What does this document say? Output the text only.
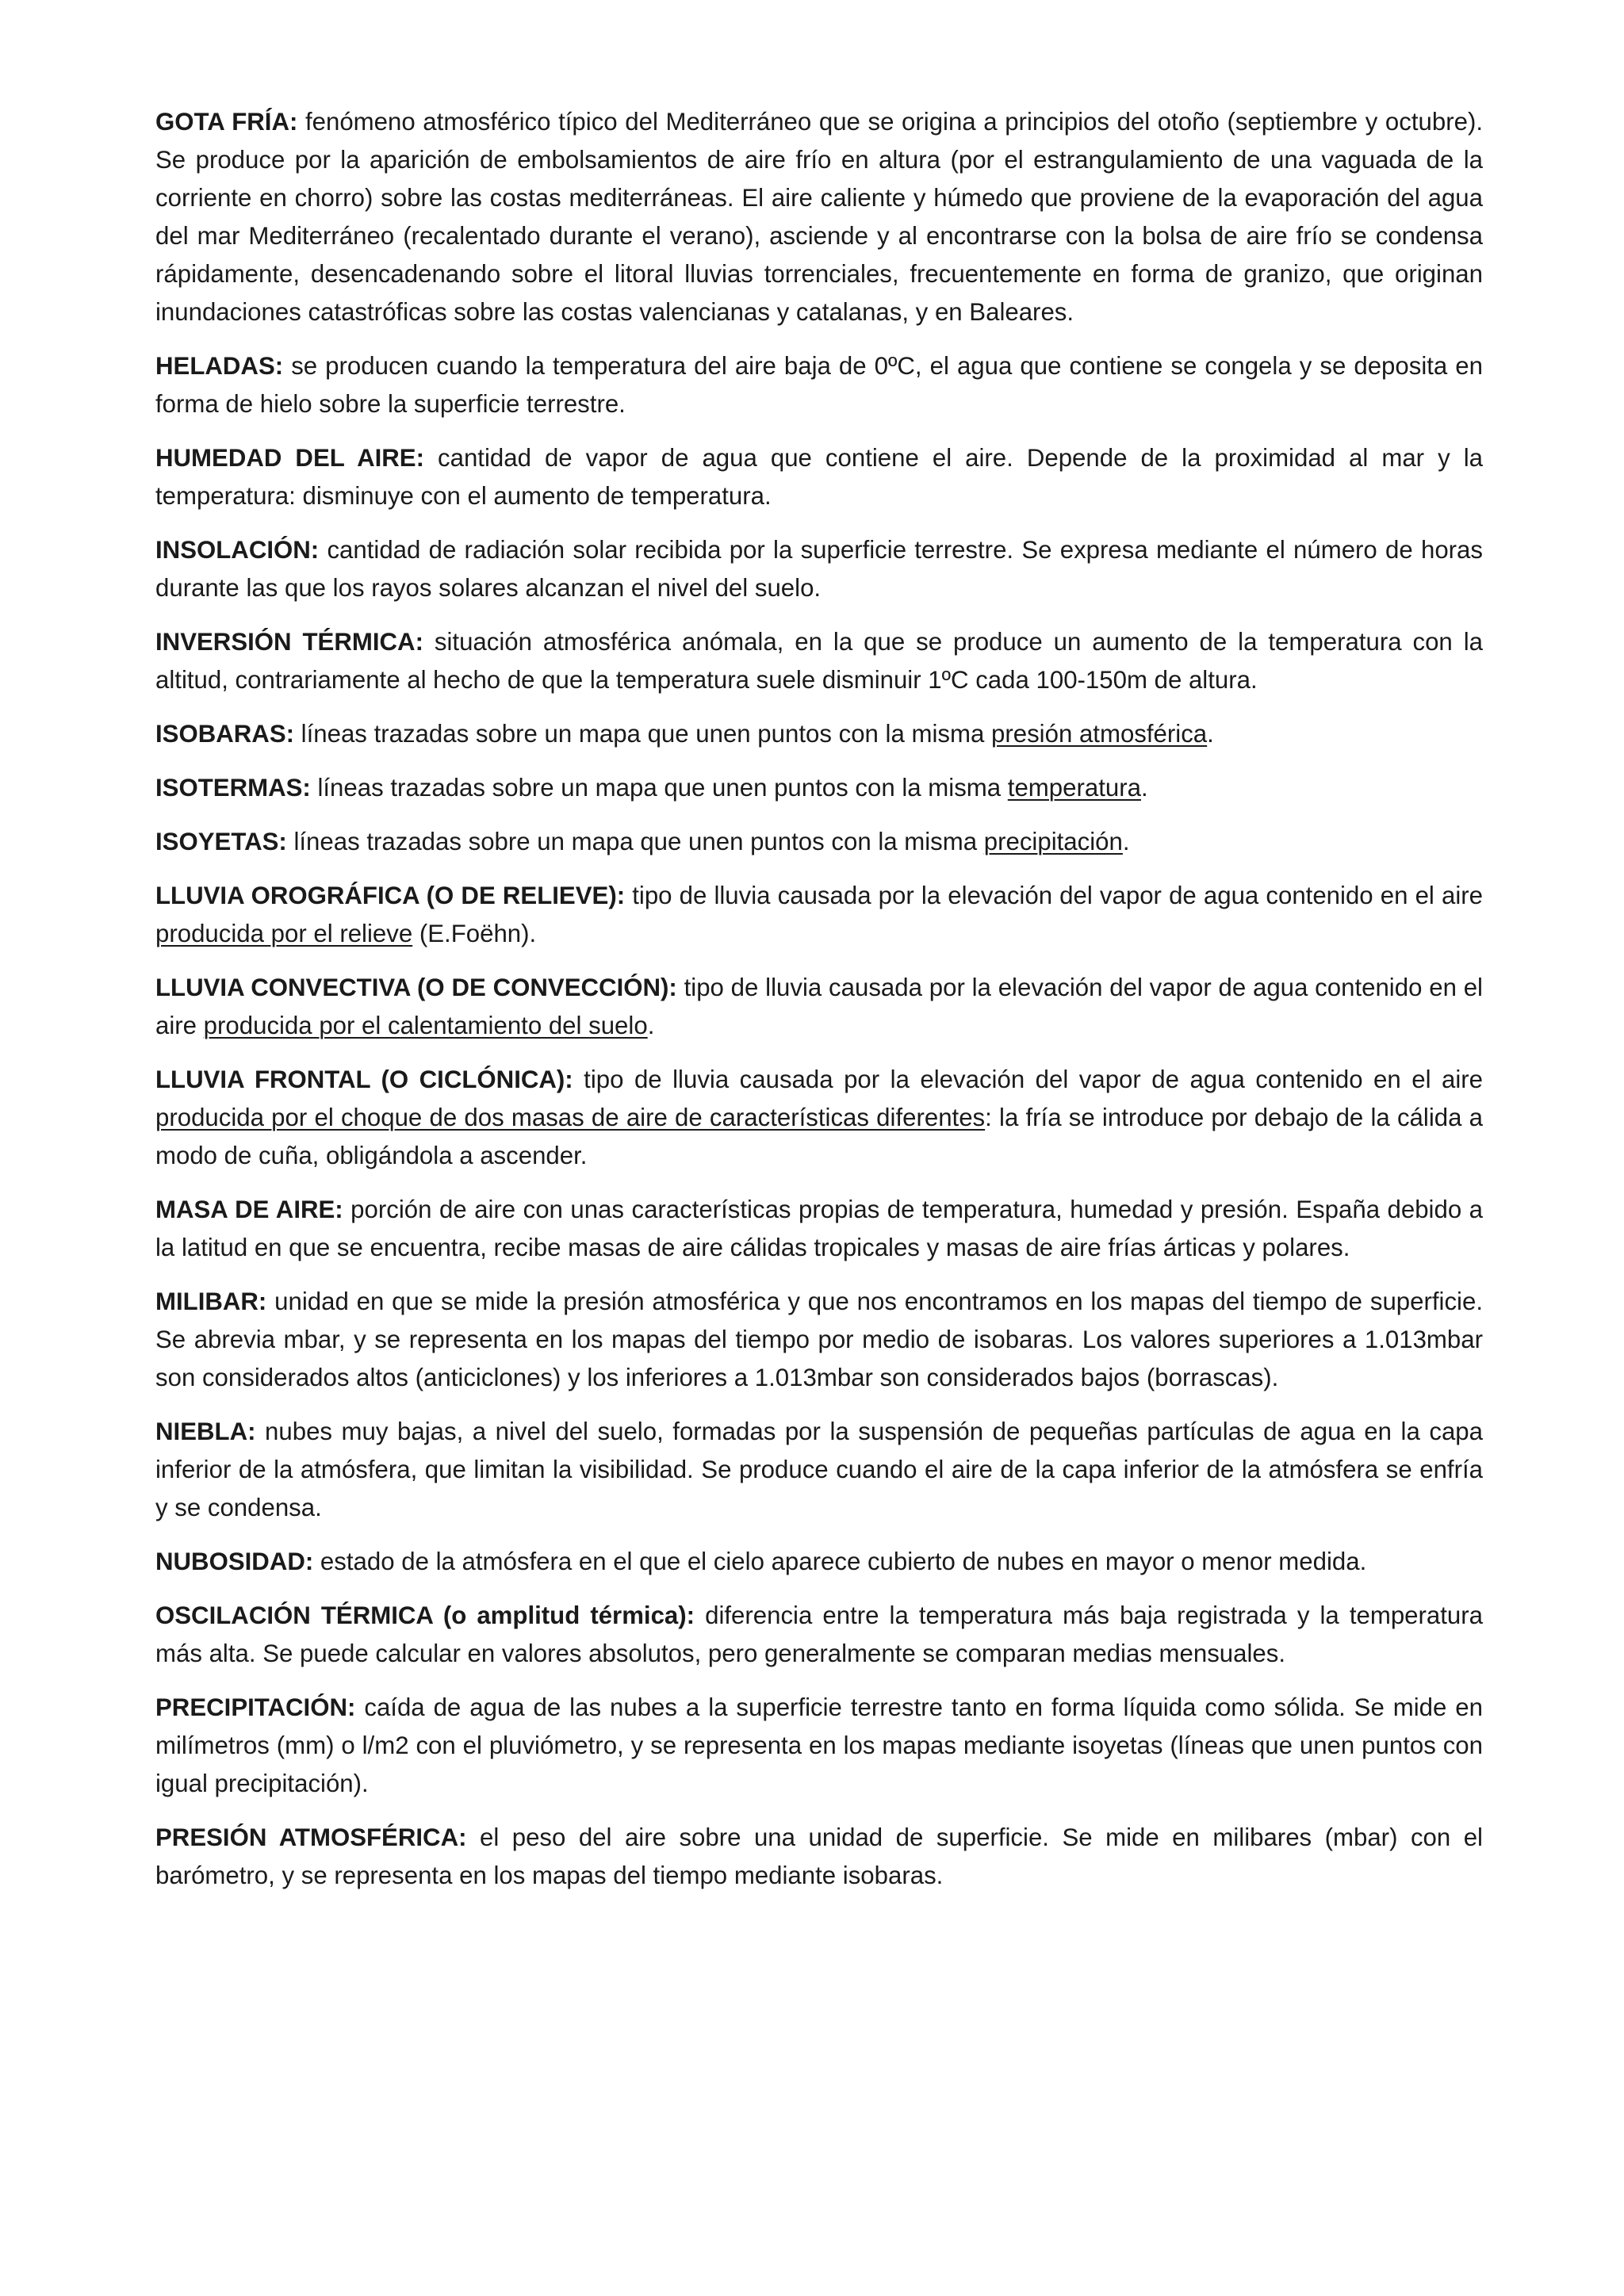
GOTA FRÍA: fenómeno atmosférico típico del Mediterráneo que se origina a principios del otoño (septiembre y octubre). Se produce por la aparición de embolsamientos de aire frío en altura (por el estrangulamiento de una vaguada de la corriente en chorro) sobre las costas mediterráneas. El aire caliente y húmedo que proviene de la evaporación del agua del mar Mediterráneo (recalentado durante el verano), asciende y al encontrarse con la bolsa de aire frío se condensa rápidamente, desencadenando sobre el litoral lluvias torrenciales, frecuentemente en forma de granizo, que originan inundaciones catastróficas sobre las costas valencianas y catalanas, y en Baleares.

HELADAS: se producen cuando la temperatura del aire baja de 0ºC, el agua que contiene se congela y se deposita en forma de hielo sobre la superficie terrestre.

HUMEDAD DEL AIRE: cantidad de vapor de agua que contiene el aire. Depende de la proximidad al mar y la temperatura: disminuye con el aumento de temperatura.

INSOLACIÓN: cantidad de radiación solar recibida por la superficie terrestre. Se expresa mediante el número de horas durante las que los rayos solares alcanzan el nivel del suelo.

INVERSIÓN TÉRMICA: situación atmosférica anómala, en la que se produce un aumento de la temperatura con la altitud, contrariamente al hecho de que la temperatura suele disminuir 1ºC cada 100-150m de altura.

ISOBARAS: líneas trazadas sobre un mapa que unen puntos con la misma presión atmosférica.

ISOTERMAS: líneas trazadas sobre un mapa que unen puntos con la misma temperatura.

ISOYETAS: líneas trazadas sobre un mapa que unen puntos con la misma precipitación.

LLUVIA OROGRÁFICA (O DE RELIEVE): tipo de lluvia causada por la elevación del vapor de agua contenido en el aire producida por el relieve (E.Foëhn).

LLUVIA CONVECTIVA (O DE CONVECCIÓN): tipo de lluvia causada por la elevación del vapor de agua contenido en el aire producida por el calentamiento del suelo.

LLUVIA FRONTAL (O CICLÓNICA): tipo de lluvia causada por la elevación del vapor de agua contenido en el aire producida por el choque de dos masas de aire de características diferentes: la fría se introduce por debajo de la cálida a modo de cuña, obligándola a ascender.

MASA DE AIRE: porción de aire con unas características propias de temperatura, humedad y presión. España debido a la latitud en que se encuentra, recibe masas de aire cálidas tropicales y masas de aire frías árticas y polares.

MILIBAR: unidad en que se mide la presión atmosférica y que nos encontramos en los mapas del tiempo de superficie. Se abrevia mbar, y se representa en los mapas del tiempo por medio de isobaras. Los valores superiores a 1.013mbar son considerados altos (anticiclones) y los inferiores a 1.013mbar son considerados bajos (borrascas).

NIEBLA: nubes muy bajas, a nivel del suelo, formadas por la suspensión de pequeñas partículas de agua en la capa inferior de la atmósfera, que limitan la visibilidad. Se produce cuando el aire de la capa inferior de la atmósfera se enfría y se condensa.

NUBOSIDAD: estado de la atmósfera en el que el cielo aparece cubierto de nubes en mayor o menor medida.

OSCILACIÓN TÉRMICA (o amplitud térmica): diferencia entre la temperatura más baja registrada y la temperatura más alta. Se puede calcular en valores absolutos, pero generalmente se comparan medias mensuales.

PRECIPITACIÓN: caída de agua de las nubes a la superficie terrestre tanto en forma líquida como sólida. Se mide en milímetros (mm) o l/m2 con el pluviómetro, y se representa en los mapas mediante isoyetas (líneas que unen puntos con igual precipitación).

PRESIÓN ATMOSFÉRICA: el peso del aire sobre una unidad de superficie. Se mide en milibares (mbar) con el barómetro, y se representa en los mapas del tiempo mediante isobaras.
